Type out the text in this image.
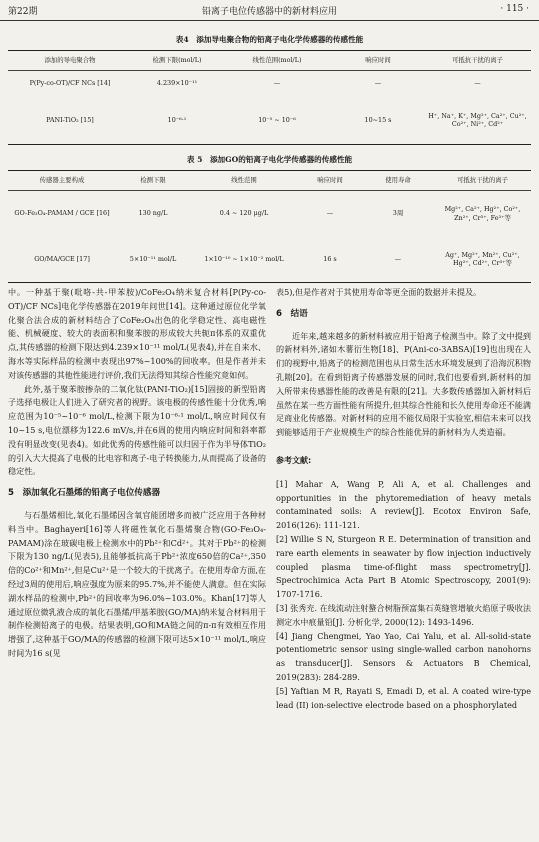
第22期	铅离子电位传感器中的新材料应用	· 115 ·
表4　添加导电聚合物的铅离子电化学传感器的传感性能
添加的导电聚合物	检测下限(mol/L)	线性范围(mol/L)	响应时间	可抵抗干扰的离子
P(Py-co-OT)/CF NCs [14]	4.239×10⁻¹¹	—	—	—
PANI-TiO₂ [15]	10⁻⁶·¹	10⁻⁵ ~ 10⁻⁶	10~15 s	H⁺, Na⁺, K⁺, Mg²⁺, Ca²⁺, Cu²⁺, Co²⁺, Ni²⁺, Cd²⁺
表 5　添加GO的铅离子电化学传感器的传感性能
传感器主要构成	检测下限	线性范围	响应时间	使用寿命	可抵抗干扰的离子
GO-Fe₃O₄-PAMAM / GCE [16]	130 ng/L	0.4 ~ 120 μg/L	—	3周	Mg²⁺, Ca²⁺, Hg²⁺, Co²⁺, Zn²⁺, Cr³⁺, Fe³⁺等
GO/MA/GCE [17]	5×10⁻¹¹ mol/L	1×10⁻¹⁰ ~ 1×10⁻² mol/L	16 s	—	Ag⁺, Mg²⁺, Mn²⁺, Cu²⁺, Hg²⁺, Cd²⁺, Cr³⁺等

中。一种基于聚(吡咯-共-甲苯胺)/CoFe₂O₄纳米复合材料[P(Py-co-OT)/CF NCs]电化学传感器在2019年问世[14]。这种通过原位化学氧化聚合法合成的新材料结合了CoFe₂O₄出色的化学稳定性、高电磁性能、机械硬度、较大的表面积和聚苯胺的形成较大共轭π体系的双重优点,其传感器的检测下限达到4.239×10⁻¹¹ mol/L(见表4),并在自来水、海水等实际样品的检测中表现出97%~100%的回收率。但是作者并未对该传感器的其他性能进行评价,我们无法得知其综合性能究竟如何。

此外,基于聚苯胺掺杂的二氧化钛(PANI-TiO₂)[15]固接的新型铅离子选择电极让人们进入了研究者的视野。该电极的传感性能十分优秀,响应范围为10⁻⁵~10⁻⁶ mol/L,检测下限为10⁻⁶·¹ mol/L,响应时间仅有10~15 s,电位漂移为122.6 mV/s,并在6周的使用内响应时间和斜率都没有明显改变(见表4)。如此优秀的传感性能可以归因于作为半导体TiO₂的引入大大提高了电极的比电容和离子-电子转换能力,从而提高了设备的稳定性。

5　添加氧化石墨烯的铅离子电位传感器

与石墨烯相比,氧化石墨烯因含氧官能团增多而被广泛应用于各种材料当中。Baghayeri[16]等人将磁性氧化石墨烯聚合物(GO-Fe₃O₄-PAMAM)涂在玻碳电极上检测水中的Pb²⁺和Cd²⁺。其对于Pb²⁺的检测下限为130 ng/L(见表5),且能够抵抗高于Pb²⁺浓度650倍的Ca²⁺,350倍的Co²⁺和Mn²⁺,但是Cu²⁺是一个较大的干扰离子。在使用寿命方面,在经过3周的使用后,响应强度为原来的95.7%,并不能使人满意。但在实际湖水样品的检测中,Pb²⁺的回收率为96.0%~103.0%。Khan[17]等人通过原位微乳液合成的氧化石墨烯/甲基苯胺(GO/MA)纳米复合材料用于制作检测铅离子的电极。结果表明,GO和MA链之间的π-π有效相互作用增强了,这种基于GO/MA的传感器的检测下限可达5×10⁻¹¹ mol/L,响应时间为16 s(见

表5),但是作者对于其使用寿命等更全面的数据并未提及。

6　结语

近年来,越来越多的新材料被应用于铅离子检测当中。除了文中提到的新材料外,诸如木薯衍生物[18]、P(Ani-co-3ABSA)[19]也出现在人们的视野中,铅离子的检测范围也从日常生活水环境发展到了沿海沉积物孔隙[20]。在看到铅离子传感器发展的同时,我们也要看到,新材料的加入所带来传感器性能的改善是有限的[21]。大多数传感器加入新材料后虽然在某一些方面性能有所提升,但其综合性能和长久使用寿命还不能满足商业化传感器。对新材料的应用不能仅局限于实验室,相信未来可以找到能够适用于产业规模生产的综合性能优异的新材料为人类造福。

参考文献:

[1] Mahar A, Wang P, Ali A, et al. Challenges and opportunities in the phytoremediation of heavy metals contaminated soils: A review[J]. Ecotox Environ Safe, 2016(126): 111-121.

[2] Willie S N, Sturgeon R E. Determination of transition and rare earth elements in seawater by flow injection inductively coupled plasma time-of-flight mass spectrometry[J]. Spectrochimica Acta Part B Atomic Spectroscopy, 2001(9): 1707-1716.

[3] 张秀充. 在线流动注射螯合树脂预富集石英缝管增敏火焰原子吸收法测定水中痕量铅[J]. 分析化学, 2000(12): 1493-1496.

[4] Jiang Chengmei, Yao Yao, Cai Yalu, et al. All-solid-state potentiometric sensor using single-walled carbon nanohorns as transducer[J]. Sensors & Actuators B Chemical, 2019(283): 284-289.

[5] Yaftian M R, Rayati S, Emadi D, et al. A coated wire-type lead (II) ion-selective electrode based on a phosphorylated
